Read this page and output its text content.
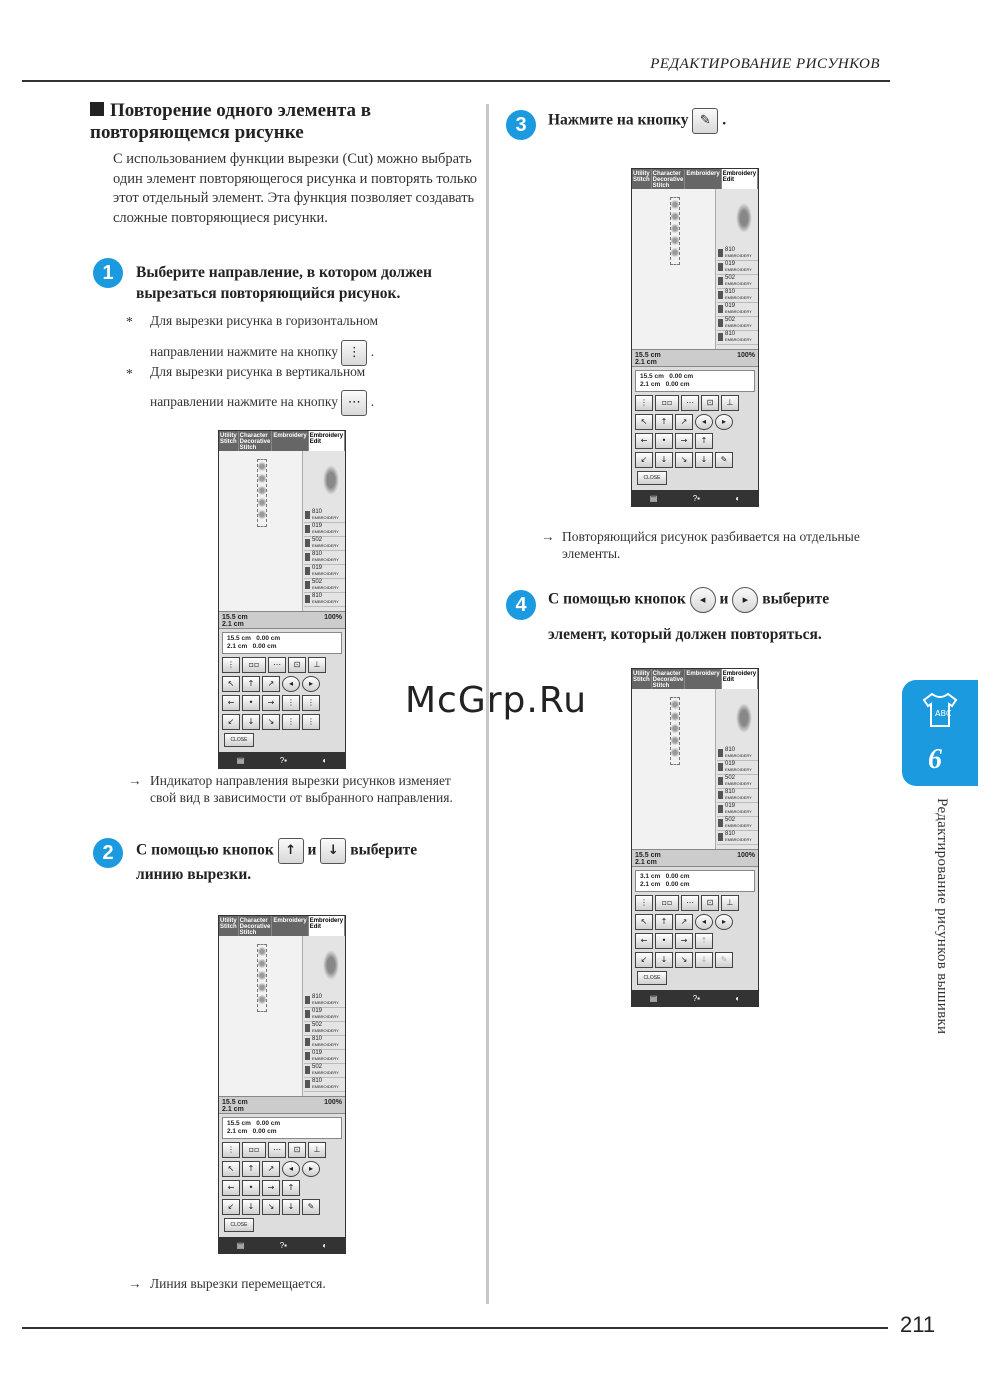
РЕДАКТИРОВАНИЕ РИСУНКОВ
Повторение одного элемента в повторяющемся рисунке
С использованием функции вырезки (Cut) можно выбрать один элемент повторяющегося рисунка и повторять только этот отдельный элемент. Эта функция позволяет создавать сложные повторяющиеся рисунки.
1	Выберите направление, в котором должен вырезаться повторяющийся рисунок.
* Для вырезки рисунка в горизонтальном
направлении нажмите на кнопку ⋮ .
* Для вырезки рисунка в вертикальном
направлении нажмите на кнопку ⋯ .
Utility Stitch
Character Decorative Stitch
Embroidery Embroidery Edit
810
EMBROIDERY
019
EMBROIDERY
502
EMBROIDERY
810
EMBROIDERY
019
EMBROIDERY
502
EMBROIDERY
810
EMBROIDERY
15.5 cm
2.1 cm
100%
15.5 cm 0.00 cm
2.1 cm 0.00 cm
⋮	▫▫	⋯	⊡	⊥
↖	↑	↗	◂	▸
←	•	→	⋮	⋮
↙	↓	↘	⋮	⋮
CLOSE
▤	?▪	◐
→ Индикатор направления вырезки рисунков изменяет свой вид в зависимости от выбранного направления.
2	С помощью кнопок ↑ и ↓ выберите
линию вырезки.
Utility Stitch
Character Decorative Stitch
Embroidery Embroidery Edit
810
EMBROIDERY
019
EMBROIDERY
502
EMBROIDERY
810
EMBROIDERY
019
EMBROIDERY
502
EMBROIDERY
810
EMBROIDERY
15.5 cm
2.1 cm
100%
15.5 cm 0.00 cm
2.1 cm 0.00 cm
⋮	▫▫	⋯	⊡	⊥
↖	↑	↗	◂	▸
←	•	→	↑
↙	↓	↘	↓	✎
CLOSE
▤	?▪	◐
→ Линия вырезки перемещается.
3	Нажмите на кнопку ✎ .
Utility Stitch
Character Decorative Stitch
Embroidery Embroidery Edit
810
EMBROIDERY
019
EMBROIDERY
502
EMBROIDERY
810
EMBROIDERY
019
EMBROIDERY
502
EMBROIDERY
810
EMBROIDERY
15.5 cm
2.1 cm
100%
15.5 cm 0.00 cm
2.1 cm 0.00 cm
⋮	▫▫	⋯	⊡	⊥
↖	↑	↗	◂	▸
←	•	→	↑
↙	↓	↘	↓	✎
CLOSE
▤	?▪	◐
→ Повторяющийся рисунок разбивается на отдельные элементы.
4	С помощью кнопок ◂ и ▸ выберите
элемент, который должен повторяться.
Utility Stitch
Character Decorative Stitch
Embroidery Embroidery Edit
810
EMBROIDERY
019
EMBROIDERY
502
EMBROIDERY
810
EMBROIDERY
019
EMBROIDERY
502
EMBROIDERY
810
EMBROIDERY
15.5 cm
2.1 cm
100%
3.1 cm 0.00 cm
2.1 cm 0.00 cm
⋮	▫▫	⋯	⊡	⊥
↖	↑	↗	◂	▸
←	•	→	↑
↙	↓	↘	↓	✎
CLOSE
▤	?▪	◐
McGrp.Ru	ABC
6
Редактирование рисунков вышивки
211
